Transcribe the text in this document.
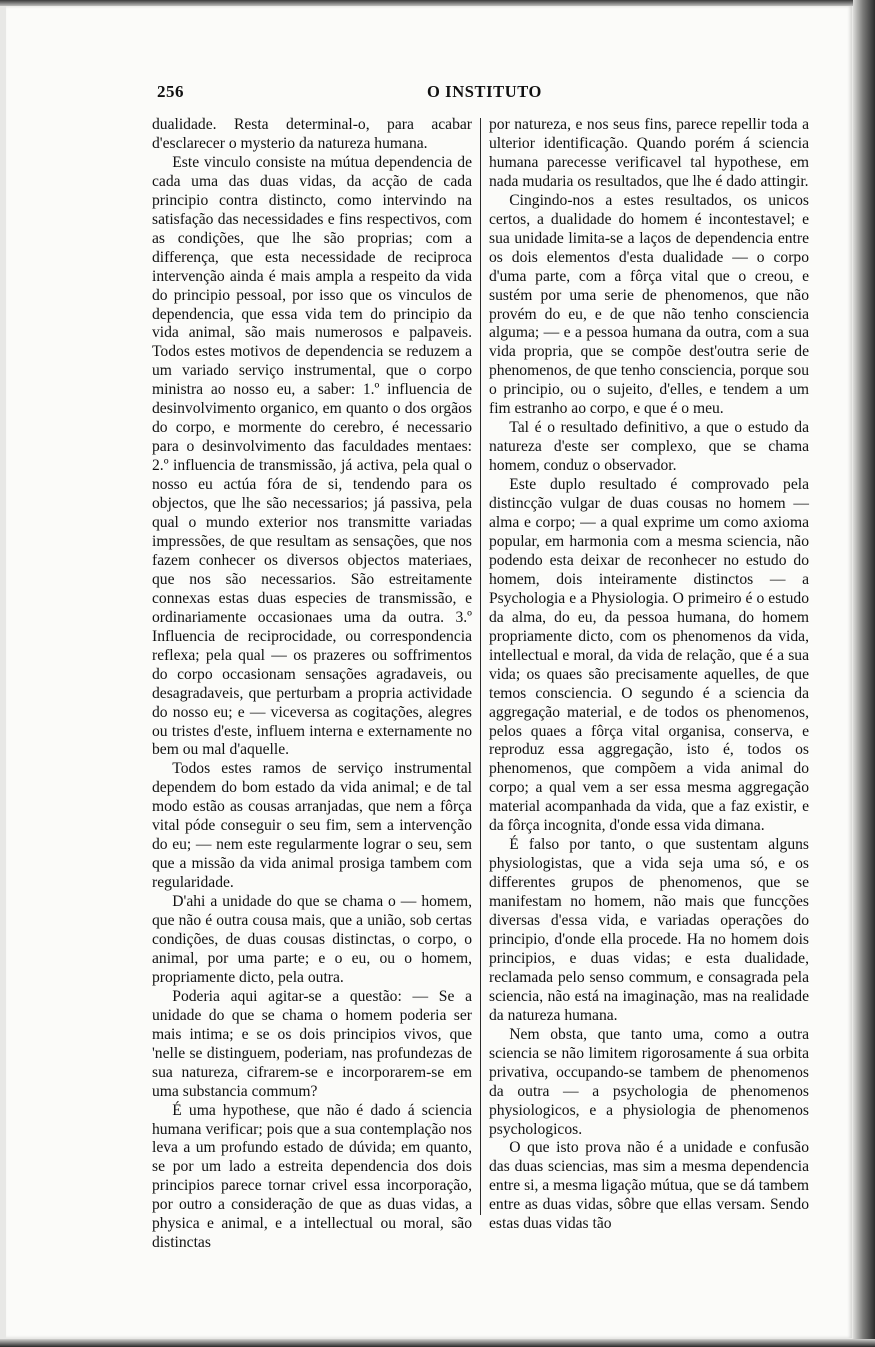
256	O INSTITUTO

dualidade. Resta determinal-o, para acabar d'esclarecer o mysterio da natureza humana.

Este vinculo consiste na mútua dependencia de cada uma das duas vidas, da acção de cada principio contra distincto, como intervindo na satisfação das necessidades e fins respectivos, com as condições, que lhe são proprias; com a differença, que esta necessidade de reciproca intervenção ainda é mais ampla a respeito da vida do principio pessoal, por isso que os vinculos de dependencia, que essa vida tem do principio da vida animal, são mais numerosos e palpaveis. Todos estes motivos de dependencia se reduzem a um variado serviço instrumental, que o corpo ministra ao nosso eu, a saber: 1.º influencia de desinvolvimento organico, em quanto o dos orgãos do corpo, e mormente do cerebro, é necessario para o desinvolvimento das faculdades mentaes: 2.º influencia de transmissão, já activa, pela qual o nosso eu actúa fóra de si, tendendo para os objectos, que lhe são necessarios; já passiva, pela qual o mundo exterior nos transmitte variadas impressões, de que resultam as sensações, que nos fazem conhecer os diversos objectos materiaes, que nos são necessarios. São estreitamente connexas estas duas especies de transmissão, e ordinariamente occasionaes uma da outra. 3.º Influencia de reciprocidade, ou correspondencia reflexa; pela qual — os prazeres ou soffrimentos do corpo occasionam sensações agradaveis, ou desagradaveis, que perturbam a propria actividade do nosso eu; e — viceversa as cogitações, alegres ou tristes d'este, influem interna e externamente no bem ou mal d'aquelle.

Todos estes ramos de serviço instrumental dependem do bom estado da vida animal; e de tal modo estão as cousas arranjadas, que nem a fôrça vital póde conseguir o seu fim, sem a intervenção do eu; — nem este regularmente lograr o seu, sem que a missão da vida animal prosiga tambem com regularidade.

D'ahi a unidade do que se chama o — homem, que não é outra cousa mais, que a união, sob certas condições, de duas cousas distinctas, o corpo, o animal, por uma parte; e o eu, ou o homem, propriamente dicto, pela outra.

Poderia aqui agitar-se a questão: — Se a unidade do que se chama o homem poderia ser mais intima; e se os dois principios vivos, que 'nelle se distinguem, poderiam, nas profundezas de sua natureza, cifrarem-se e incorporarem-se em uma substancia commum?

É uma hypothese, que não é dado á sciencia humana verificar; pois que a sua contemplação nos leva a um profundo estado de dúvida; em quanto, se por um lado a estreita dependencia dos dois principios parece tornar crivel essa incorporação, por outro a consideração de que as duas vidas, a physica e animal, e a intellectual ou moral, são distinctas

por natureza, e nos seus fins, parece repellir toda a ulterior identificação. Quando porém á sciencia humana parecesse verificavel tal hypothese, em nada mudaria os resultados, que lhe é dado attingir.

Cingindo-nos a estes resultados, os unicos certos, a dualidade do homem é incontestavel; e sua unidade limita-se a laços de dependencia entre os dois elementos d'esta dualidade — o corpo d'uma parte, com a fôrça vital que o creou, e sustém por uma serie de phenomenos, que não provém do eu, e de que não tenho consciencia alguma; — e a pessoa humana da outra, com a sua vida propria, que se compõe dest'outra serie de phenomenos, de que tenho consciencia, porque sou o principio, ou o sujeito, d'elles, e tendem a um fim estranho ao corpo, e que é o meu.

Tal é o resultado definitivo, a que o estudo da natureza d'este ser complexo, que se chama homem, conduz o observador.

Este duplo resultado é comprovado pela distincção vulgar de duas cousas no homem — alma e corpo; — a qual exprime um como axioma popular, em harmonia com a mesma sciencia, não podendo esta deixar de reconhecer no estudo do homem, dois inteiramente distinctos — a Psychologia e a Physiologia. O primeiro é o estudo da alma, do eu, da pessoa humana, do homem propriamente dicto, com os phenomenos da vida, intellectual e moral, da vida de relação, que é a sua vida; os quaes são precisamente aquelles, de que temos consciencia. O segundo é a sciencia da aggregação material, e de todos os phenomenos, pelos quaes a fôrça vital organisa, conserva, e reproduz essa aggregação, isto é, todos os phenomenos, que compõem a vida animal do corpo; a qual vem a ser essa mesma aggregação material acompanhada da vida, que a faz existir, e da fôrça incognita, d'onde essa vida dimana.

É falso por tanto, o que sustentam alguns physiologistas, que a vida seja uma só, e os differentes grupos de phenomenos, que se manifestam no homem, não mais que funcções diversas d'essa vida, e variadas operações do principio, d'onde ella procede. Ha no homem dois principios, e duas vidas; e esta dualidade, reclamada pelo senso commum, e consagrada pela sciencia, não está na imaginação, mas na realidade da natureza humana.

Nem obsta, que tanto uma, como a outra sciencia se não limitem rigorosamente á sua orbita privativa, occupando-se tambem de phenomenos da outra — a psychologia de phenomenos physiologicos, e a physiologia de phenomenos psychologicos.

O que isto prova não é a unidade e confusão das duas sciencias, mas sim a mesma dependencia entre si, a mesma ligação mútua, que se dá tambem entre as duas vidas, sôbre que ellas versam. Sendo estas duas vidas tão
